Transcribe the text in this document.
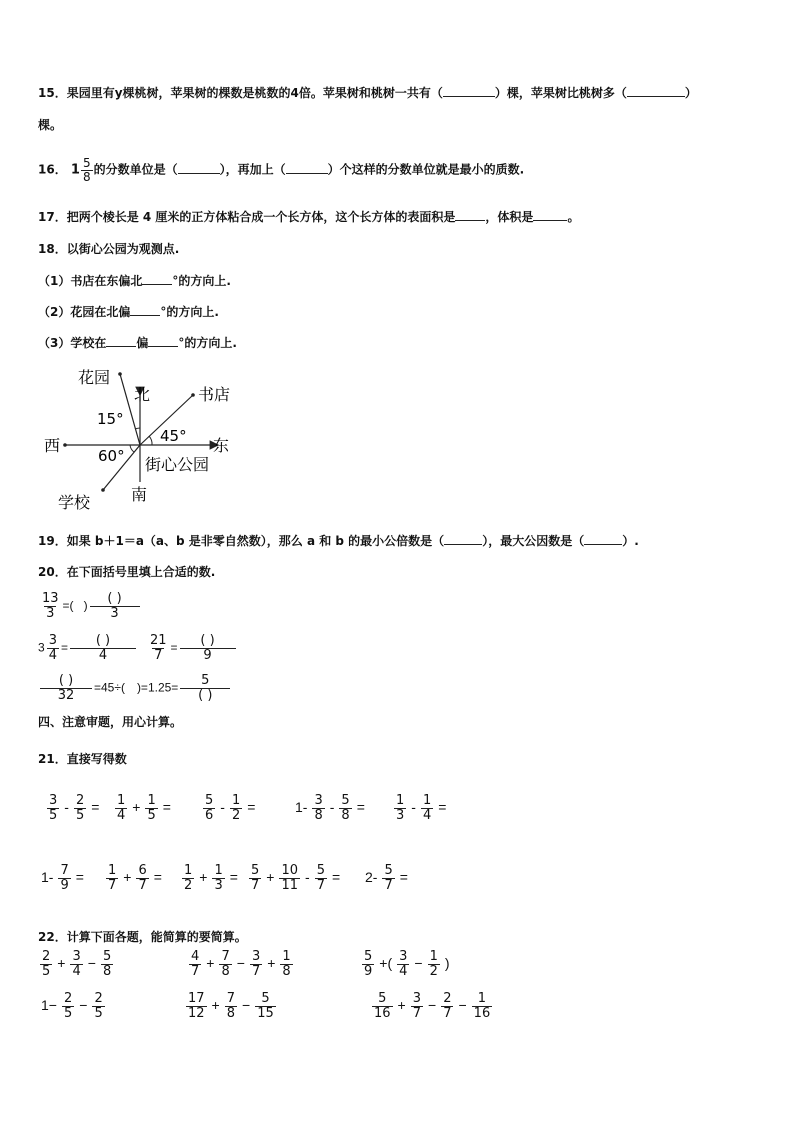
15．果园里有y棵桃树，苹果树的棵数是桃数的4倍。苹果树和桃树一共有（	）棵，苹果树比桃树多（	）
棵。
16． $1 \frac{5}{8}$ 的分数单位是（	），再加上（	）个这样的分数单位就是最小的质数.
17．把两个棱长是 4 厘米的正方体粘合成一个长方体，这个长方体的表面积是	，体积是	。
18．以街心公园为观测点.
（1）书店在东偏北	°的方向上.
（2）花园在北偏	°的方向上.
（3）学校在	偏	°的方向上.
花园
北	书店
15°
45°
西	东
60° 街心公园
学校	南
19．如果 b＋1＝a（a、b 是非零自然数），那么 a 和 b 的最小公倍数是（	），最大公因数是（	）.
20．在下面括号里填上合适的数.
$\frac{13}{3}$ =( ) $\frac{( )}{3}$
$3 \frac{3}{4} = \frac{( )}{4} \frac{21}{7} = \frac{( )}{9}$
$\frac{( )}{32} =45\div$(　)$=1.25= \frac{5}{( )}$
四、注意审题，用心计算。
21．直接写得数
$\frac{3}{5} - \frac{2}{5} = \frac{1}{4} + \frac{1}{5} = \frac{5}{6} - \frac{1}{2}$ =	$1- \frac{3}{8} - \frac{5}{8} = \frac{1}{3} - \frac{1}{4}$ =
$1- \frac{7}{9} = \frac{1}{7} + \frac{6}{7} = \frac{1}{2} + \frac{1}{3} = \frac{5}{7} + \frac{10}{11} - \frac{5}{7} = 2- \frac{5}{7}$ =
22．计算下面各题，能简算的要简算。
$\frac{2}{5} + \frac{3}{4} - \frac{5}{8}$	$\frac{4}{7} + \frac{7}{8} - \frac{3}{7} + \frac{1}{8}$	$\frac{5}{9}$ +( $\frac{3}{4} - \frac{1}{2}$ )
$1- \frac{2}{5} - \frac{2}{5}$	$\frac{17}{12} + \frac{7}{8} - \frac{5}{15}$	$\frac{5}{16} + \frac{3}{7} - \frac{2}{7} - \frac{1}{16}$
